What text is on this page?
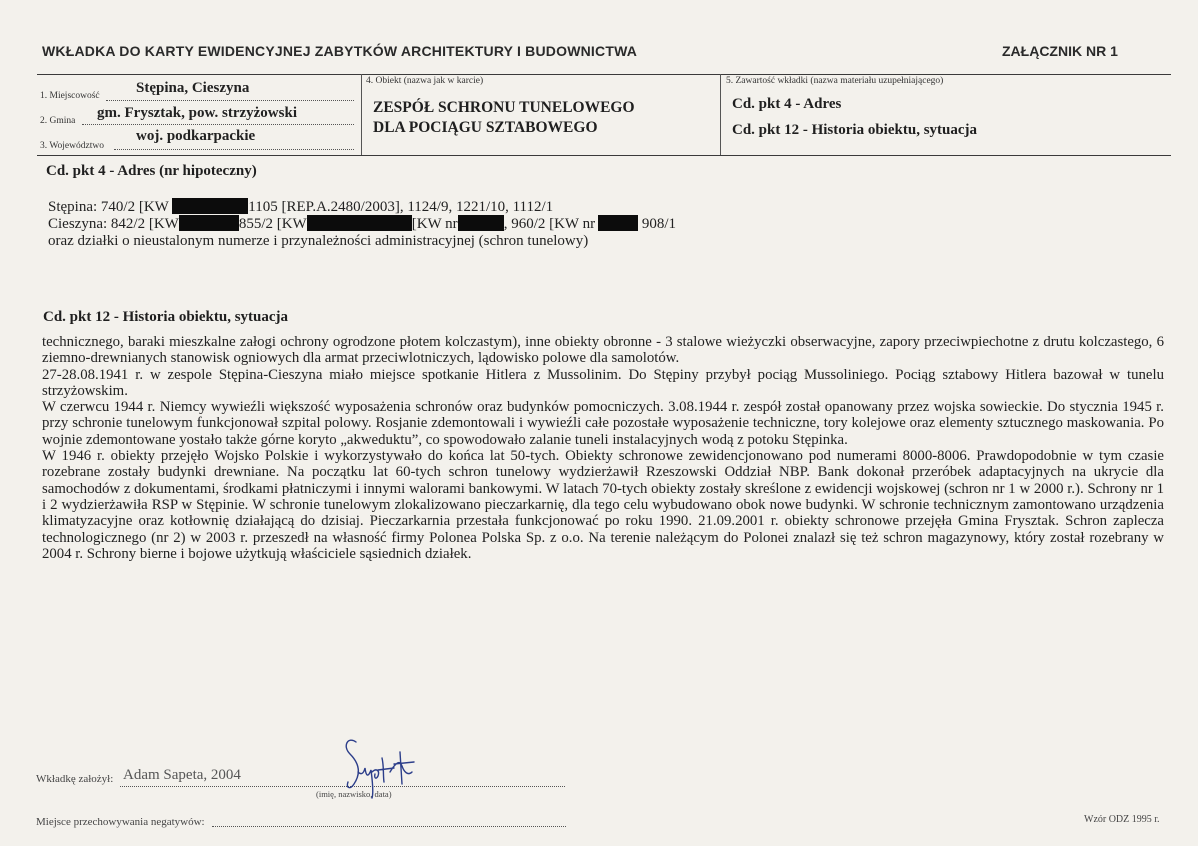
WKŁADKA DO KARTY EWIDENCYJNEJ ZABYTKÓW ARCHITEKTURY I BUDOWNICTWA	ZAŁĄCZNIK NR 1
1. Miejscowość Stępina, Cieszyna
2. Gmina gm. Frysztak, pow. strzyżowski
3. Województwo
woj. podkarpackie
4. Obiekt (nazwa jak w karcie)
ZESPÓŁ SCHRONU TUNELOWEGO
DLA POCIĄGU SZTABOWEGO
5. Zawartość wkładki (nazwa materiału uzupełniającego)
Cd. pkt 4 - Adres
Cd. pkt 12 - Historia obiektu, sytuacja
Cd. pkt 4 - Adres (nr hipoteczny)
Stępina: 740/2 [KW	1105 [REP.A.2480/2003], 1124/9, 1221/10, 1112/1
Cieszyna: 842/2 [KW	855/2 [KW	[KW nr	, 960/2 [KW nr	908/1
oraz działki o nieustalonym numerze i przynależności administracyjnej (schron tunelowy)
Cd. pkt 12 - Historia obiektu, sytuacja

technicznego, baraki mieszkalne załogi ochrony ogrodzone płotem kolczastym), inne obiekty obronne - 3 stalowe wieżyczki obserwacyjne, zapory przeciwpiechotne z drutu kolczastego, 6 ziemno-drewnianych stanowisk ogniowych dla armat przeciwlotniczych, lądowisko polowe dla samolotów.

27-28.08.1941 r. w zespole Stępina-Cieszyna miało miejsce spotkanie Hitlera z Mussolinim. Do Stępiny przybył pociąg Mussoliniego. Pociąg sztabowy Hitlera bazował w tunelu strzyżowskim.

W czerwcu 1944 r. Niemcy wywieźli większość wyposażenia schronów oraz budynków pomocniczych. 3.08.1944 r. zespół został opanowany przez wojska sowieckie. Do stycznia 1945 r. przy schronie tunelowym funkcjonował szpital polowy. Rosjanie zdemontowali i wywieźli całe pozostałe wyposażenie techniczne, tory kolejowe oraz elementy sztucznego maskowania. Po wojnie zdemontowane yostało także górne koryto „akweduktu”, co spowodowało zalanie tuneli instalacyjnych wodą z potoku Stępinka.

W 1946 r. obiekty przejęło Wojsko Polskie i wykorzystywało do końca lat 50-tych. Obiekty schronowe zewidencjonowano pod numerami 8000-8006. Prawdopodobnie w tym czasie rozebrane zostały budynki drewniane. Na początku lat 60-tych schron tunelowy wydzierżawił Rzeszowski Oddział NBP. Bank dokonał przeróbek adaptacyjnych na ukrycie dla samochodów z dokumentami, środkami płatniczymi i innymi walorami bankowymi. W latach 70-tych obiekty zostały skreślone z ewidencji wojskowej (schron nr 1 w 2000 r.). Schrony nr 1 i 2 wydzierżawiła RSP w Stępinie. W schronie tunelowym zlokalizowano pieczarkarnię, dla tego celu wybudowano obok nowe budynki. W schronie technicznym zamontowano urządzenia klimatyzacyjne oraz kotłownię działającą do dzisiaj. Pieczarkarnia przestała funkcjonować po roku 1990. 21.09.2001 r. obiekty schronowe przejęła Gmina Frysztak. Schron zaplecza technologicznego (nr 2) w 2003 r. przeszedł na własność firmy Polonea Polska Sp. z o.o. Na terenie należącym do Polonei znalazł się też schron magazynowy, który został rozebrany w 2004 r. Schrony bierne i bojowe użytkują właściciele sąsiednich działek.

Wkładkę założył: Adam Sapeta, 2004
(imię, nazwisko, data)
Miejsce przechowywania negatywów:	Wzór ODZ 1995 r.
